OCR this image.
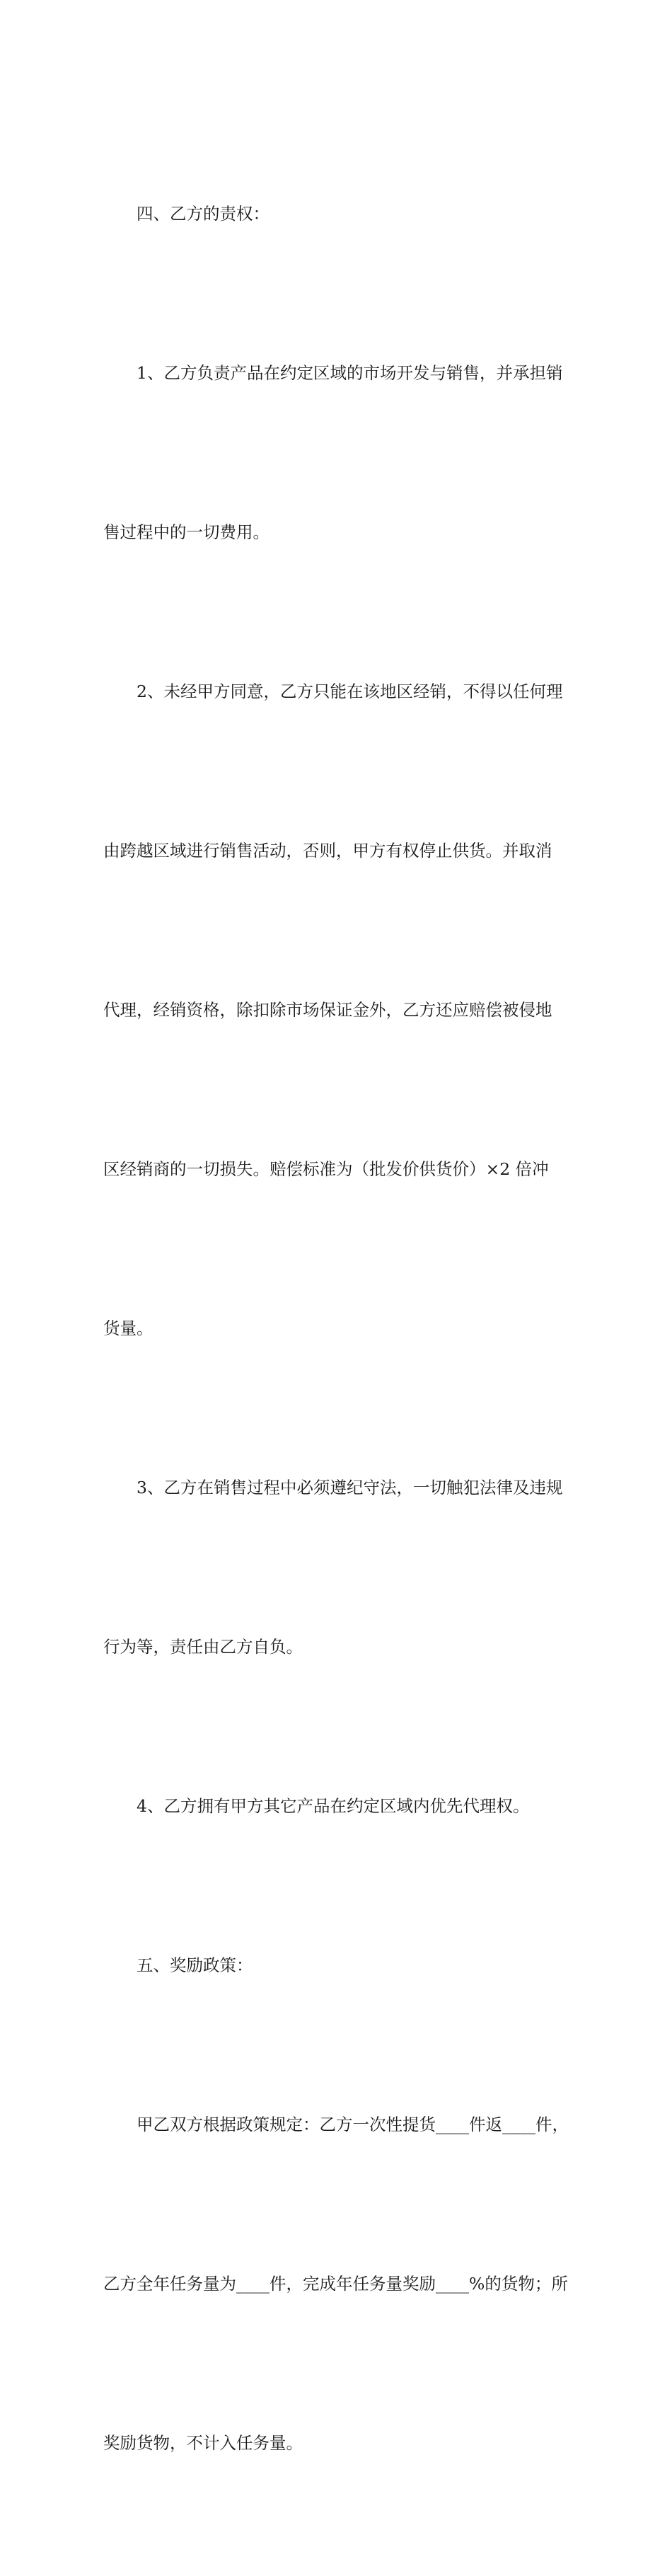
四、乙方的责权：

1、乙方负责产品在约定区域的市场开发与销售，并承担销

售过程中的一切费用。

2、未经甲方同意，乙方只能在该地区经销，不得以任何理

由跨越区域进行销售活动，否则，甲方有权停止供货。并取消

代理，经销资格，除扣除市场保证金外，乙方还应赔偿被侵地

区经销商的一切损失。赔偿标准为（批发价供货价）×2 倍冲

货量。

3、乙方在销售过程中必须遵纪守法，一切触犯法律及违规

行为等，责任由乙方自负。

4、乙方拥有甲方其它产品在约定区域内优先代理权。

五、奖励政策：

甲乙双方根据政策规定：乙方一次性提货____件返____件，

乙方全年任务量为____件，完成年任务量奖励____%的货物；所

奖励货物，不计入任务量。
